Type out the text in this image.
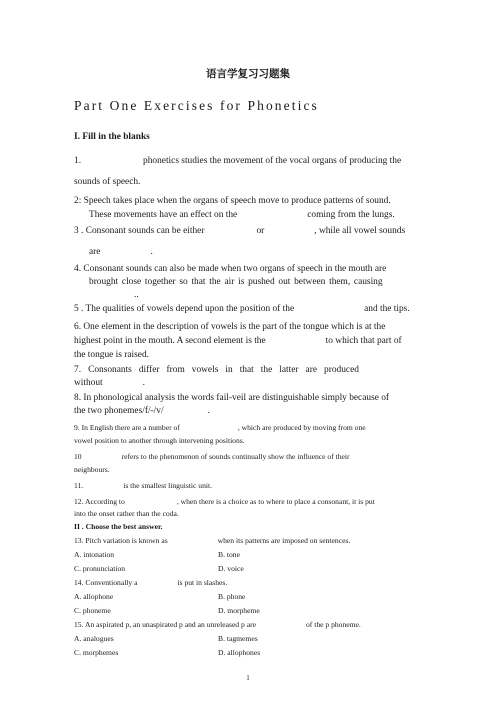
语言学复习习题集
Part One Exercises for Phonetics
I. Fill in the blanks
1.	phonetics studies the movement of the vocal organs of producing the
sounds of speech.
2: Speech takes place when the organs of speech move to produce patterns of sound.
These movements have an effect on the	coming from the lungs.
3 . Consonant sounds can be either	or	, while all vowel sounds
are	.
4. Consonant sounds can also be made when two organs of speech in the mouth are
brought close together so that the air is pushed out between them, causing
..
5 . The qualities of vowels depend upon the position of the	and the tips.
6. One element in the description of vowels is the part of the tongue which is at the
highest point in the mouth. A second element is the	to which that part of
the tongue is raised.
7.   Consonants   differ   from   vowels   in   that   the   latter   are   produced
without	.
8. In phonological analysis the words fail-veil are distinguishable simply because of
the two phonemes/f/-/v/	.
9. In English there are a number of	, which are produced by moving from one
vowel position to another through intervening positions.
10	refers to the phenomenon of sounds continually show the influence of their
neighbours.
11.	is the smallest linguistic unit.
12. According to	, when there is a choice as to where to place a consonant, it is put
into the onset rather than the coda.
II . Choose the best answer.
13. Pitch variation is known as	when its patterns are imposed on sentences.
A. intonation	B. tone
C. pronunciation	D. voice
14. Conventionally a	is put in slashes.
A. allophone	B. phone
C. phoneme	D. morpheme
15. An aspirated p, an unaspirated p and an unreleased p are	of the p phoneme.
A. analogues	B. tagmemes
C. morphemes	D. allophones
1
